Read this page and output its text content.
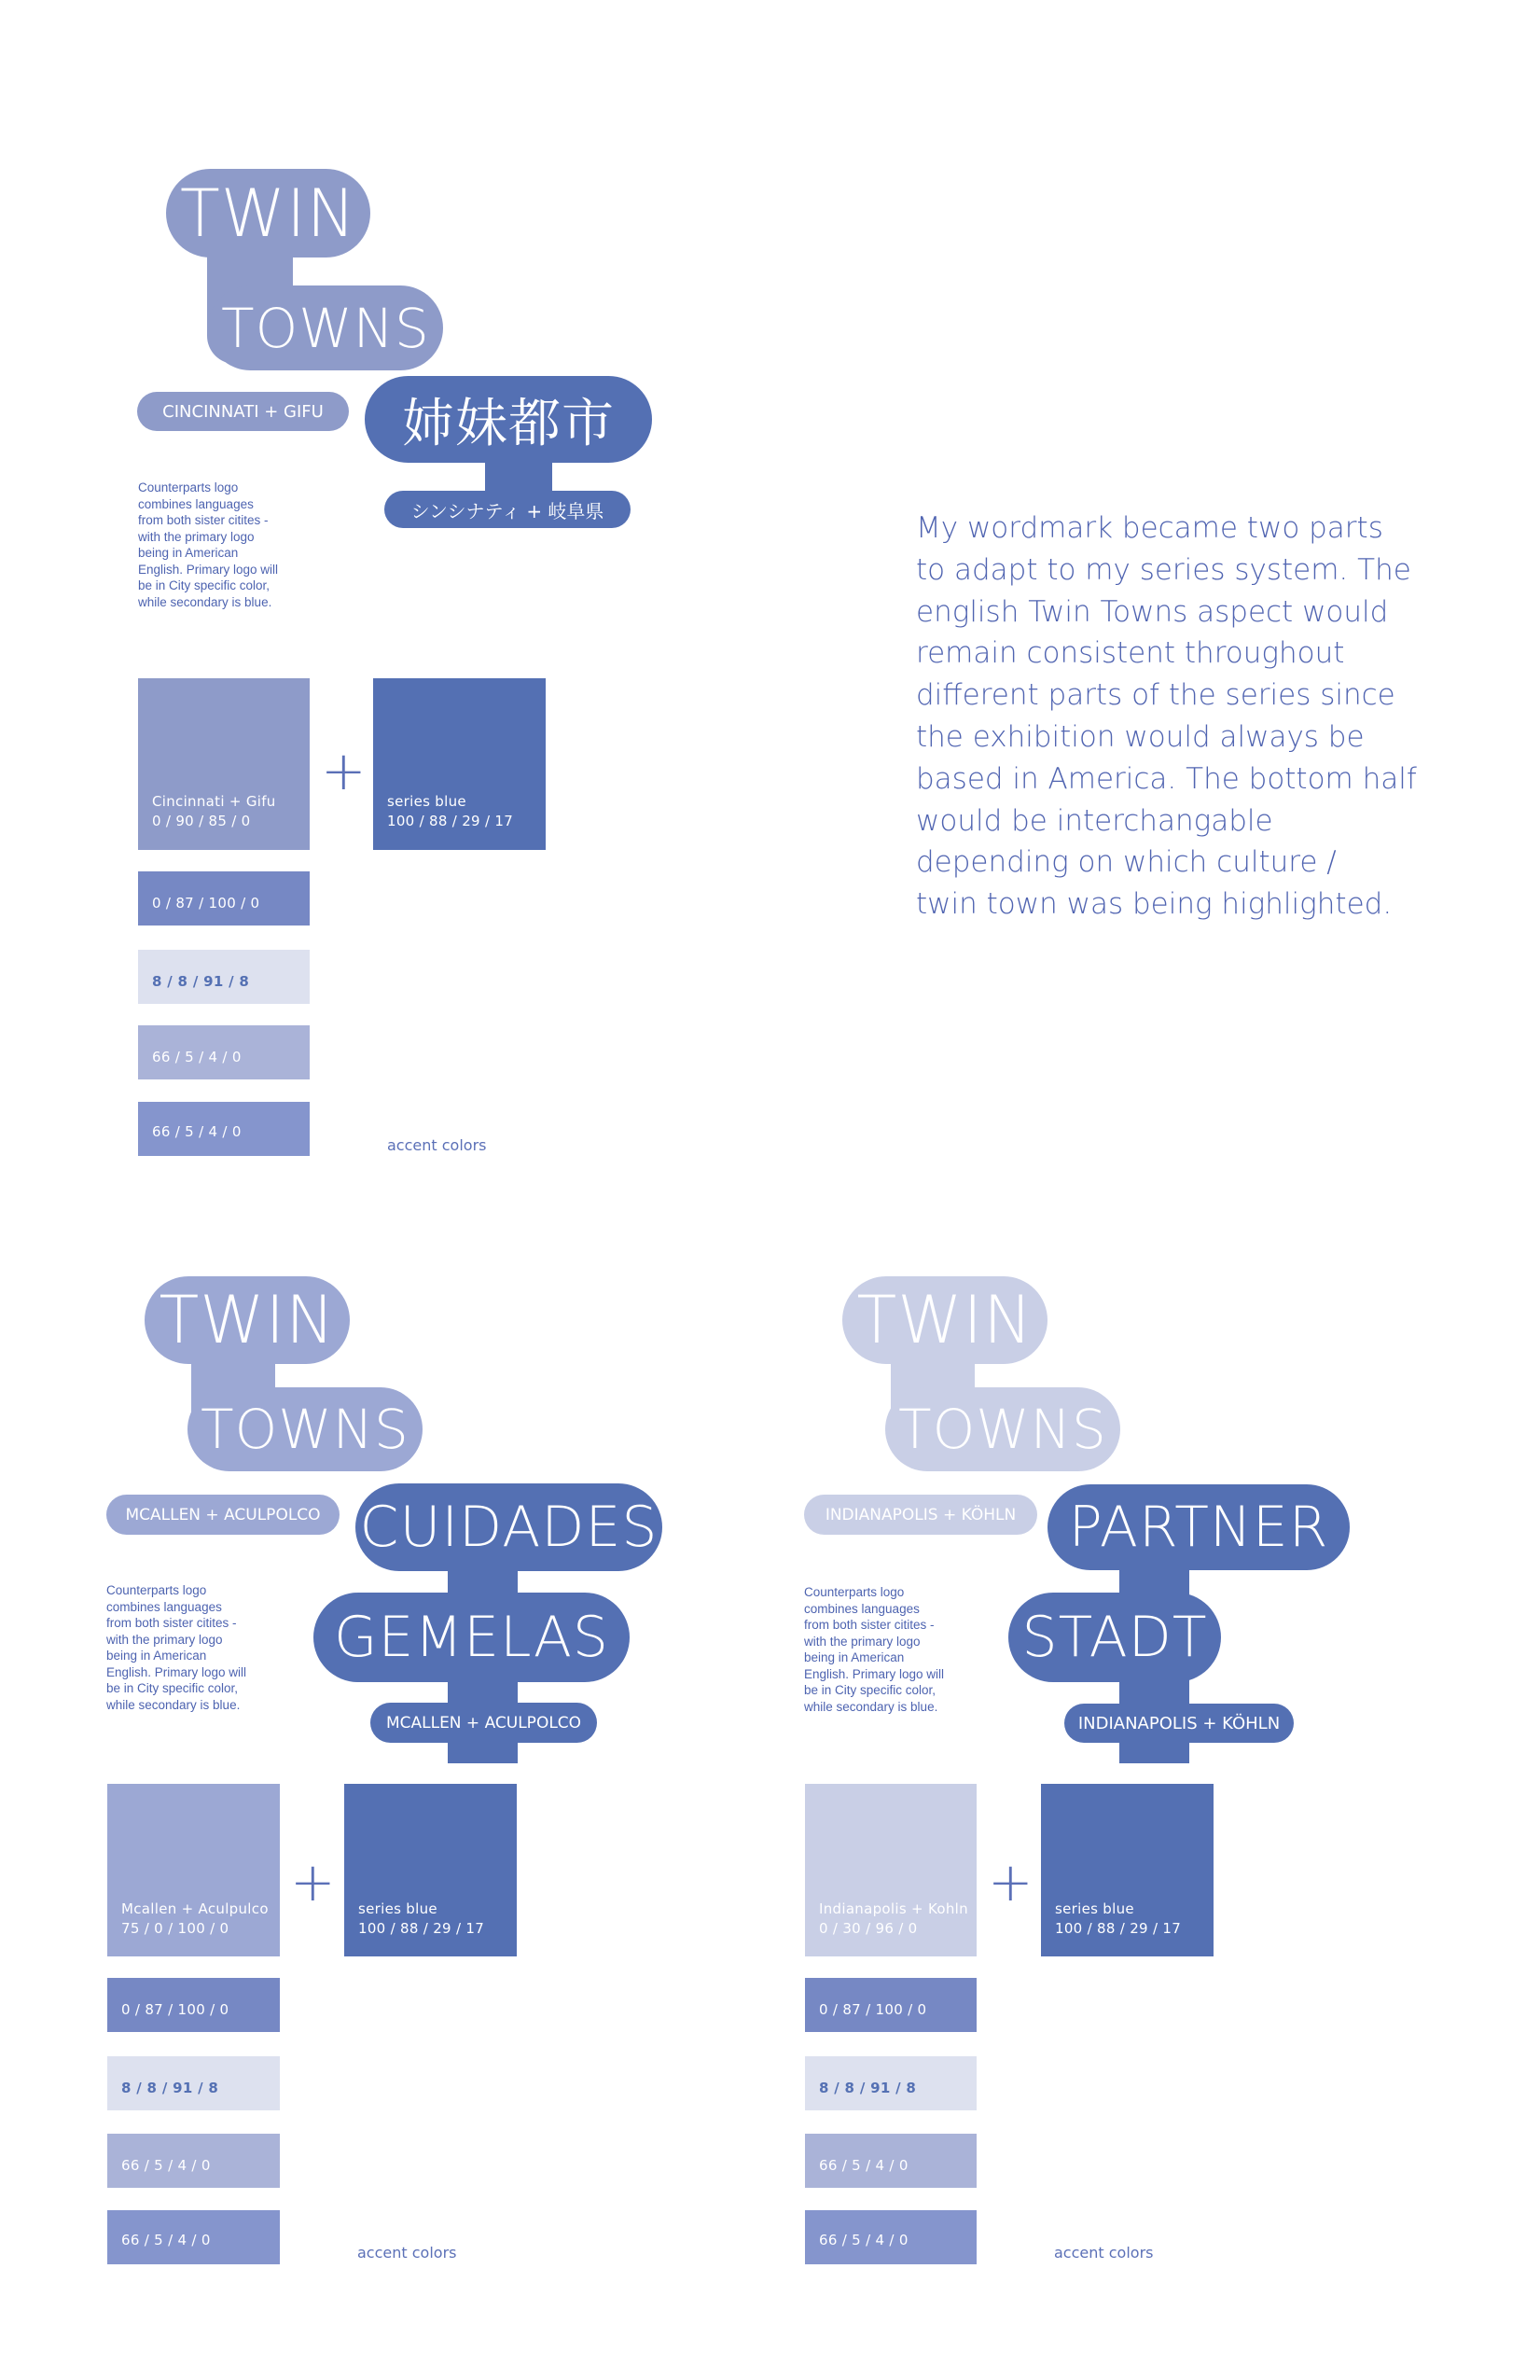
TWIN
TOWNS
CINCINNATI + GIFU	姉妹都市
シンシナティ + 岐阜県
Counterparts logo
combines languages
from both sister citites -
with the primary logo
being in American
English. Primary logo will
be in City specific color,
while secondary is blue.
Cincinnati + Gifu
0 / 90 / 85 / 0
+ series blue
100 / 88 / 29 / 17
0 / 87 / 100 / 0
8 / 8 / 91 / 8
66 / 5 / 4 / 0
66 / 5 / 4 / 0
accent colors
My wordmark became two parts
to adapt to my series system. The
english Twin Towns aspect would
remain consistent throughout
different parts of the series since
the exhibition would always be
based in America. The bottom half
would be interchangable
depending on which culture /
twin town was being highlighted.
TWIN
TOWNS
MCALLEN + ACULPOLCO CUIDADES
GEMELAS
MCALLEN + ACULPOLCO
Counterparts logo
combines languages
from both sister citites -
with the primary logo
being in American
English. Primary logo will
be in City specific color,
while secondary is blue.
Mcallen + Aculpulco
75 / 0 / 100 / 0
+ series blue
100 / 88 / 29 / 17
0 / 87 / 100 / 0
8 / 8 / 91 / 8
66 / 5 / 4 / 0
66 / 5 / 4 / 0
accent colors
TWIN
TOWNS
INDIANAPOLIS + KÖHLN PARTNER
STADT
INDIANAPOLIS + KÖHLN
Counterparts logo
combines languages
from both sister citites -
with the primary logo
being in American
English. Primary logo will
be in City specific color,
while secondary is blue.
Indianapolis + Kohln
0 / 30 / 96 / 0
+ series blue
100 / 88 / 29 / 17
0 / 87 / 100 / 0
8 / 8 / 91 / 8
66 / 5 / 4 / 0
66 / 5 / 4 / 0
accent colors
